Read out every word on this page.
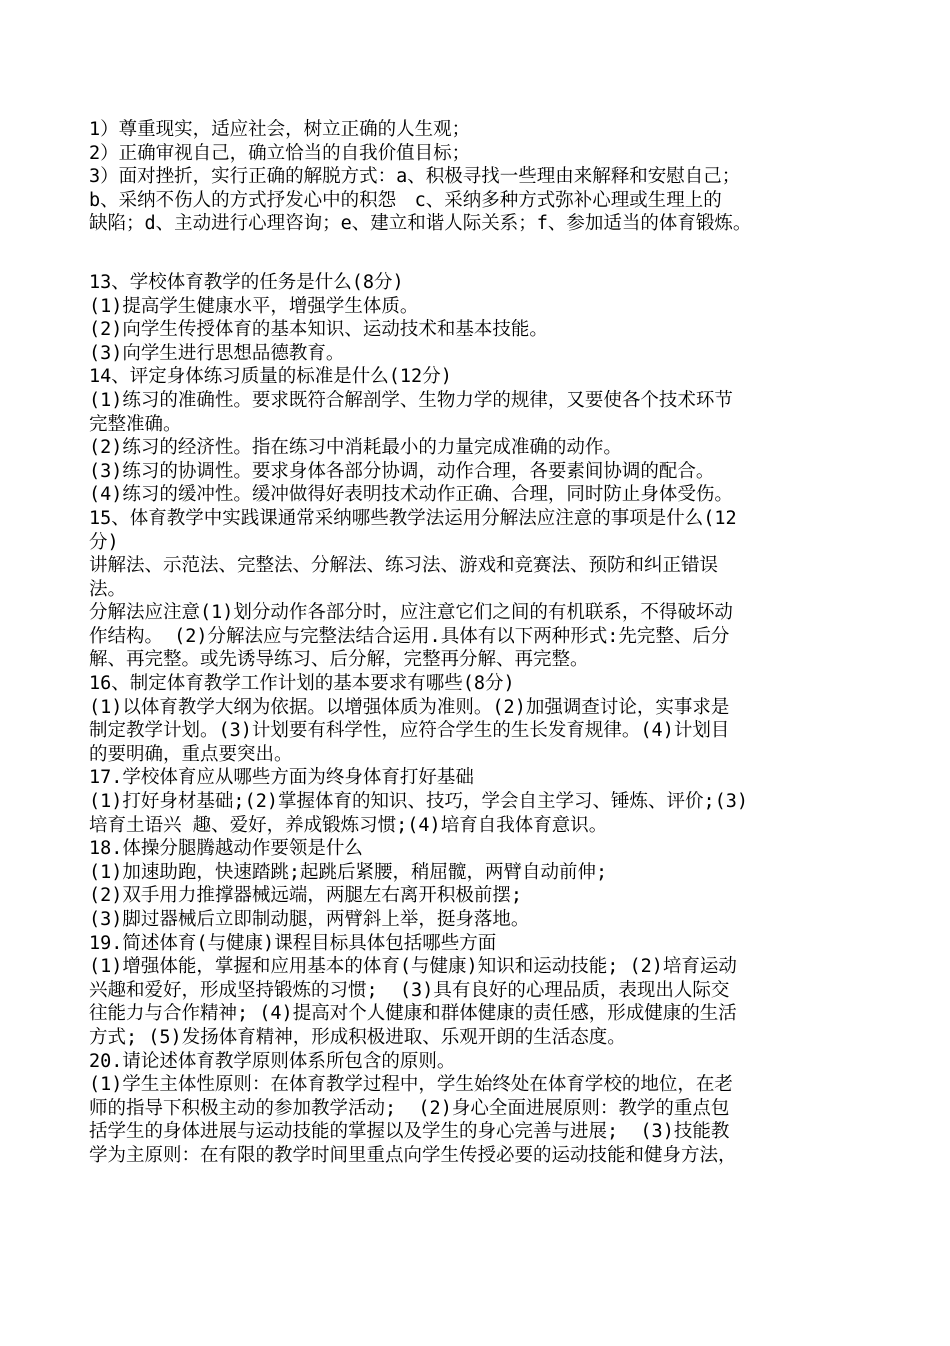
1）尊重现实，适应社会，树立正确的人生观；
2）正确审视自己，确立恰当的自我价值目标；
3）面对挫折，实行正确的解脱方式：a、积极寻找一些理由来解释和安慰自己；
b、采纳不伤人的方式抒发心中的积怨　c、采纳多种方式弥补心理或生理上的
缺陷；d、主动进行心理咨询；e、建立和谐人际关系；f、参加适当的体育锻炼。
13、学校体育教学的任务是什么(8分)
(1)提高学生健康水平，增强学生体质。
(2)向学生传授体育的基本知识、运动技术和基本技能。
(3)向学生进行思想品德教育。
14、评定身体练习质量的标准是什么(12分)
(1)练习的准确性。要求既符合解剖学、生物力学的规律，又要使各个技术环节
完整准确。
(2)练习的经济性。指在练习中消耗最小的力量完成准确的动作。
(3)练习的协调性。要求身体各部分协调，动作合理，各要素间协调的配合。
(4)练习的缓冲性。缓冲做得好表明技术动作正确、合理，同时防止身体受伤。
15、体育教学中实践课通常采纳哪些教学法运用分解法应注意的事项是什么(12
分)
讲解法、示范法、完整法、分解法、练习法、游戏和竞赛法、预防和纠正错误
法。
分解法应注意(1)划分动作各部分时，应注意它们之间的有机联系，不得破坏动
作结构。 (2)分解法应与完整法结合运用.具体有以下两种形式:先完整、后分
解、再完整。或先诱导练习、后分解，完整再分解、再完整。
16、制定体育教学工作计划的基本要求有哪些(8分)
(1)以体育教学大纲为依据。以增强体质为准则。(2)加强调查讨论，实事求是
制定教学计划。(3)计划要有科学性，应符合学生的生长发育规律。(4)计划目
的要明确，重点要突出。
17.学校体育应从哪些方面为终身体育打好基础
(1)打好身材基础;(2)掌握体育的知识、技巧，学会自主学习、锤炼、评价;(3)
培育土语兴 趣、爱好，养成锻炼习惯;(4)培育自我体育意识。
18.体操分腿腾越动作要领是什么
(1)加速助跑，快速踏跳;起跳后紧腰，稍屈髋，两臂自动前伸;
(2)双手用力推撑器械远端，两腿左右离开积极前摆;
(3)脚过器械后立即制动腿，两臂斜上举，挺身落地。
19.简述体育(与健康)课程目标具体包括哪些方面
(1)增强体能，掌握和应用基本的体育(与健康)知识和运动技能; (2)培育运动
兴趣和爱好，形成坚持锻炼的习惯;  (3)具有良好的心理品质，表现出人际交
往能力与合作精神; (4)提高对个人健康和群体健康的责任感，形成健康的生活
方式; (5)发扬体育精神，形成积极进取、乐观开朗的生活态度。
20.请论述体育教学原则体系所包含的原则。
(1)学生主体性原则：在体育教学过程中，学生始终处在体育学校的地位，在老
师的指导下积极主动的参加教学活动;  (2)身心全面进展原则：教学的重点包
括学生的身体进展与运动技能的掌握以及学生的身心完善与进展;  (3)技能教
学为主原则：在有限的教学时间里重点向学生传授必要的运动技能和健身方法，
